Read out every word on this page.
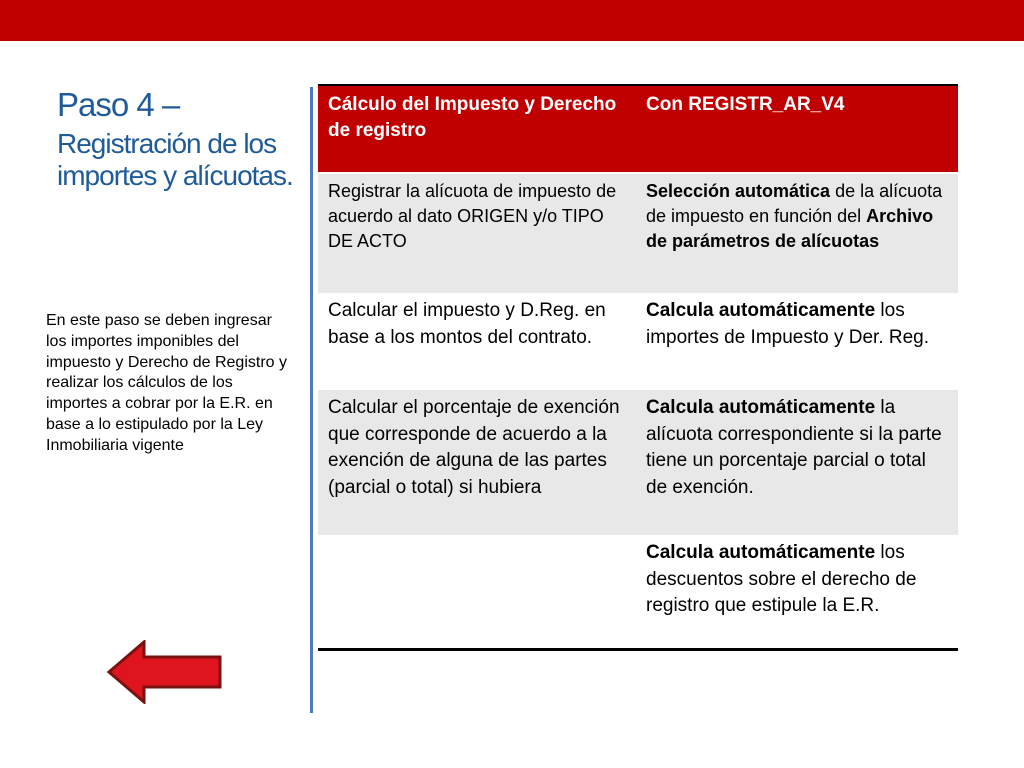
Paso 4 –
Registración de los importes y alícuotas.
En este paso se deben ingresar los importes imponibles del impuesto y Derecho de Registro y realizar los cálculos de los importes a cobrar por la E.R. en base a lo estipulado por la Ley Inmobiliaria vigente
Cálculo del Impuesto y Derecho de registro	Con REGISTR_AR_V4
Registrar la alícuota de impuesto de acuerdo al dato ORIGEN y/o TIPO DE ACTO	Selección automática de la alícuota de impuesto en función del Archivo de parámetros de alícuotas
Calcular el impuesto y D.Reg. en base a los montos del contrato.	Calcula automáticamente los importes de Impuesto y Der. Reg.
Calcular el porcentaje de exención que corresponde de acuerdo a la exención de alguna de las partes (parcial o total) si hubiera	Calcula automáticamente la alícuota correspondiente si la parte tiene un porcentaje parcial o total de exención.
	Calcula automáticamente los descuentos sobre el derecho de registro que estipule la E.R.
